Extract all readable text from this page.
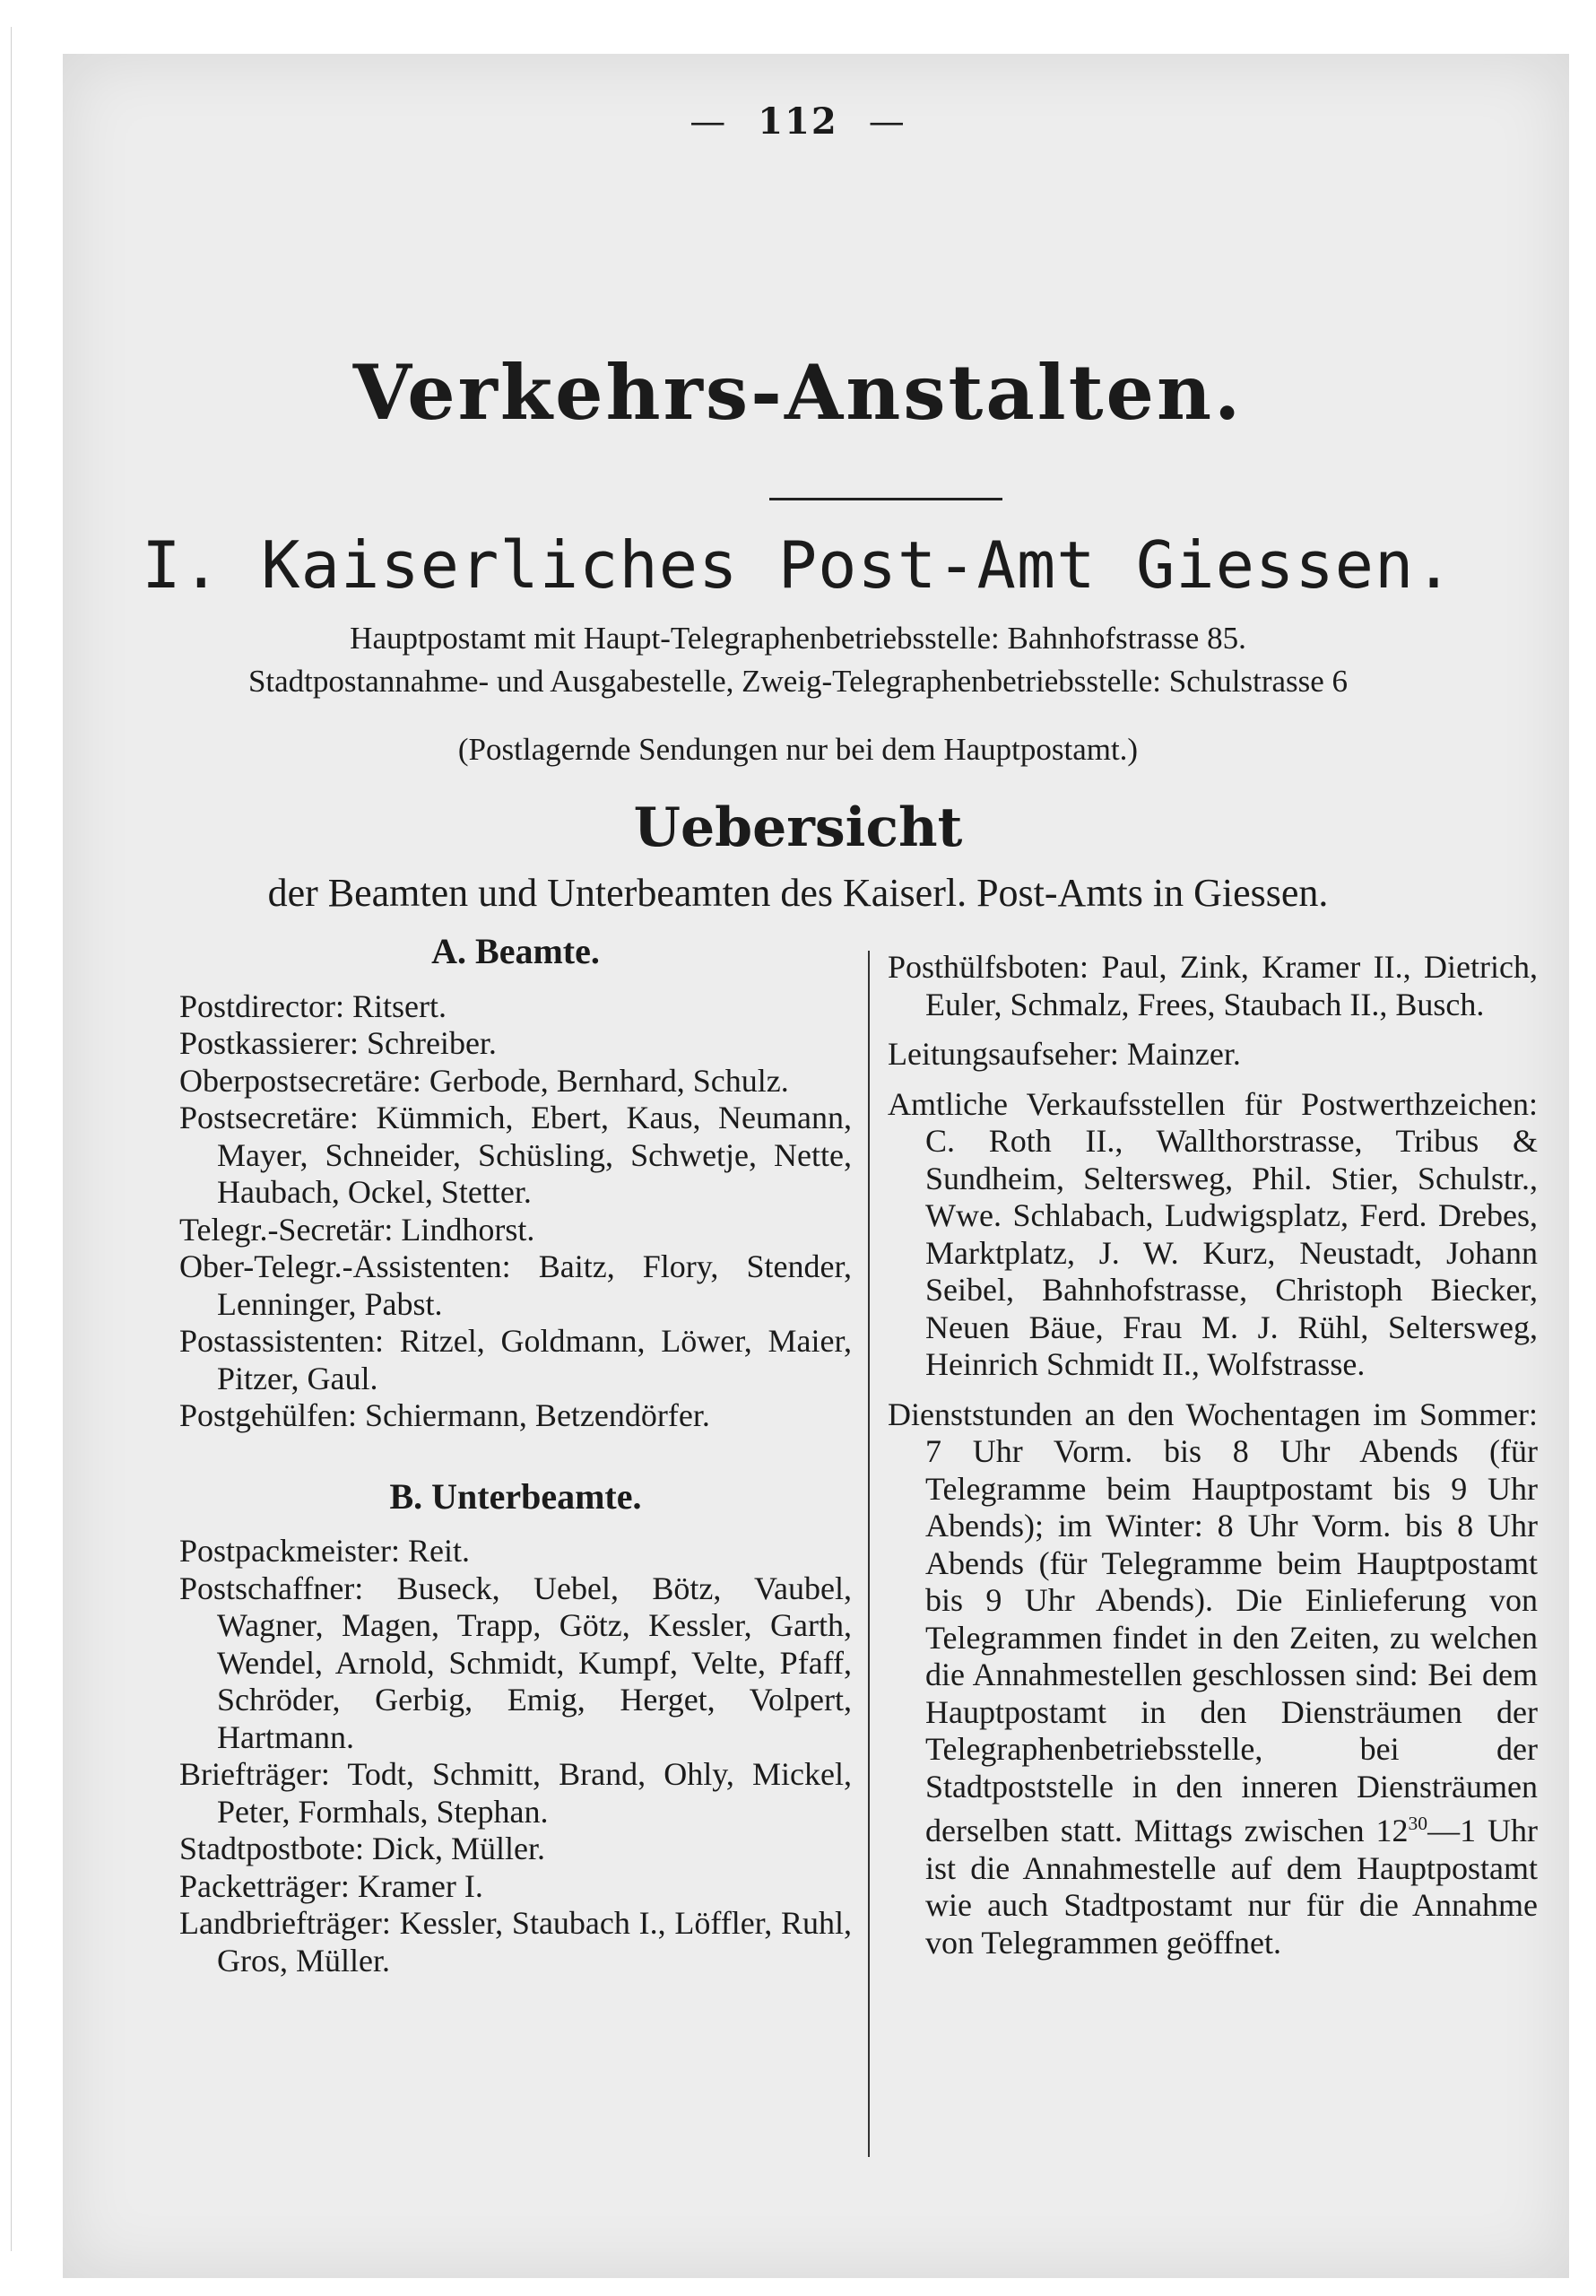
— 112 —
Verkehrs-Anstalten.
I. Kaiserliches Post-Amt Giessen.
Hauptpostamt mit Haupt-Telegraphenbetriebsstelle: Bahnhofstrasse 85.
Stadtpostannahme- und Ausgabestelle, Zweig-Telegraphenbetriebsstelle: Schulstrasse 6
(Postlagernde Sendungen nur bei dem Hauptpostamt.)
Uebersicht
der Beamten und Unterbeamten des Kaiserl. Post-Amts in Giessen.
A. Beamte.
Postdirector: Ritsert.
Postkassierer: Schreiber.
Oberpostsecretäre: Gerbode, Bernhard, Schulz.
Postsecretäre: Kümmich, Ebert, Kaus, Neumann, Mayer, Schneider, Schüsling, Schwetje, Nette, Haubach, Ockel, Stetter.
Telegr.-Secretär: Lindhorst.
Ober-Telegr.-Assistenten: Baitz, Flory, Stender, Lenninger, Pabst.
Postassistenten: Ritzel, Goldmann, Löwer, Maier, Pitzer, Gaul.
Postgehülfen: Schiermann, Betzendörfer.
B. Unterbeamte.
Postpackmeister: Reit.
Postschaffner: Buseck, Uebel, Bötz, Vaubel, Wagner, Magen, Trapp, Götz, Kessler, Garth, Wendel, Arnold, Schmidt, Kumpf, Velte, Pfaff, Schröder, Gerbig, Emig, Herget, Volpert, Hartmann.
Briefträger: Todt, Schmitt, Brand, Ohly, Mickel, Peter, Formhals, Stephan.
Stadtpostbote: Dick, Müller.
Packetträger: Kramer I.
Landbriefträger: Kessler, Staubach I., Löffler, Ruhl, Gros, Müller.
Posthülfsboten: Paul, Zink, Kramer II., Dietrich, Euler, Schmalz, Frees, Staubach II., Busch.
Leitungsaufseher: Mainzer.
Amtliche Verkaufsstellen für Postwerthzeichen: C. Roth II., Wallthorstrasse, Tribus & Sundheim, Seltersweg, Phil. Stier, Schulstr., Wwe. Schlabach, Ludwigsplatz, Ferd. Drebes, Marktplatz, J. W. Kurz, Neustadt, Johann Seibel, Bahnhofstrasse, Christoph Biecker, Neuen Bäue, Frau M. J. Rühl, Seltersweg, Heinrich Schmidt II., Wolfstrasse.
Dienststunden an den Wochentagen im Sommer: 7 Uhr Vorm. bis 8 Uhr Abends (für Telegramme beim Hauptpostamt bis 9 Uhr Abends); im Winter: 8 Uhr Vorm. bis 8 Uhr Abends (für Telegramme beim Hauptpostamt bis 9 Uhr Abends). Die Einlieferung von Telegrammen findet in den Zeiten, zu welchen die Annahmestellen geschlossen sind: Bei dem Hauptpostamt in den Diensträumen der Telegraphenbetriebsstelle, bei der Stadtpoststelle in den inneren Diensträumen derselben statt. Mittags zwischen $12^{30}—1$ Uhr ist die Annahmestelle auf dem Hauptpostamt wie auch Stadtpostamt nur für die Annahme von Telegrammen geöffnet.
